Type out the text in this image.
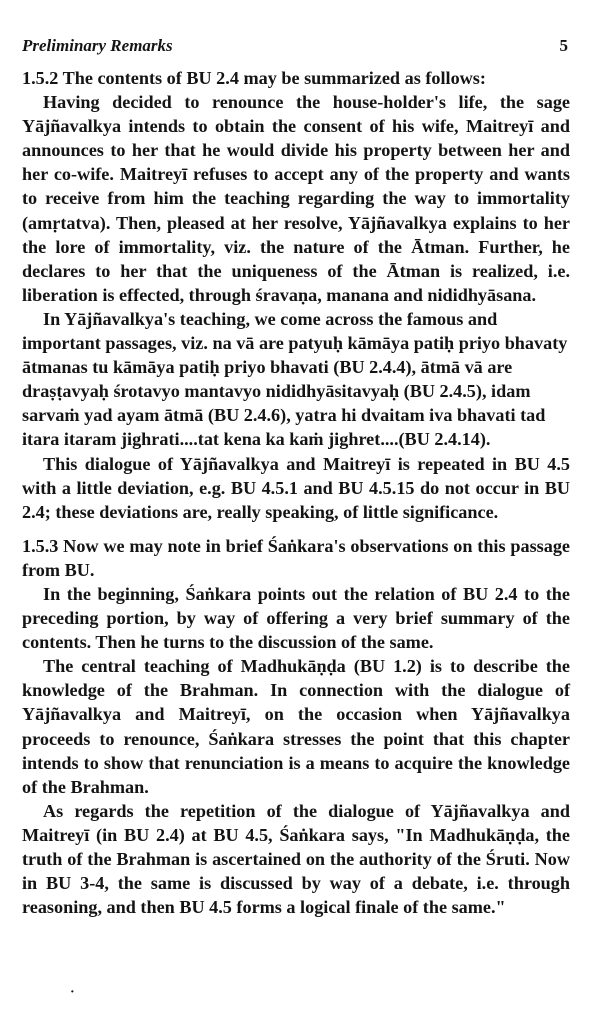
Preliminary Remarks	5

1.5.2 The contents of BU 2.4 may be summarized as follows:

Having decided to renounce the house-holder's life, the sage Yājñavalkya intends to obtain the consent of his wife, Maitreyī and announces to her that he would divide his property between her and her co-wife. Maitreyī refuses to accept any of the property and wants to receive from him the teaching regarding the way to immortality (amṛtatva). Then, pleased at her resolve, Yājñavalkya explains to her the lore of immortality, viz. the nature of the Ātman. Further, he declares to her that the uniqueness of the Ātman is realized, i.e. liberation is effected, through śravaṇa, manana and nididhyāsana.

In Yājñavalkya's teaching, we come across the famous and important passages, viz. na vā are patyuḥ kāmāya patiḥ priyo bhavaty ātmanas tu kāmāya patiḥ priyo bhavati (BU 2.4.4), ātmā vā are draṣṭavyaḥ śrotavyo mantavyo nididhyāsitavyaḥ (BU 2.4.5), idam sarvaṁ yad ayam ātmā (BU 2.4.6), yatra hi dvaitam iva bhavati tad itara itaram jighrati....tat kena ka kaṁ jighret....(BU 2.4.14).

This dialogue of Yājñavalkya and Maitreyī is repeated in BU 4.5 with a little deviation, e.g. BU 4.5.1 and BU 4.5.15 do not occur in BU 2.4; these deviations are, really speaking, of little significance.

1.5.3 Now we may note in brief Śaṅkara's observations on this passage from BU.

In the beginning, Śaṅkara points out the relation of BU 2.4 to the preceding portion, by way of offering a very brief summary of the contents. Then he turns to the discussion of the same.

The central teaching of Madhukāṇḍa (BU 1.2) is to describe the knowledge of the Brahman. In connection with the dialogue of Yājñavalkya and Maitreyī, on the occasion when Yājñavalkya proceeds to renounce, Śaṅkara stresses the point that this chapter intends to show that renunciation is a means to acquire the knowledge of the Brahman.

As regards the repetition of the dialogue of Yājñavalkya and Maitreyī (in BU 2.4) at BU 4.5, Śaṅkara says, "In Madhukāṇḍa, the truth of the Brahman is ascertained on the authority of the Śruti. Now in BU 3-4, the same is discussed by way of a debate, i.e. through reasoning, and then BU 4.5 forms a logical finale of the same."

·
